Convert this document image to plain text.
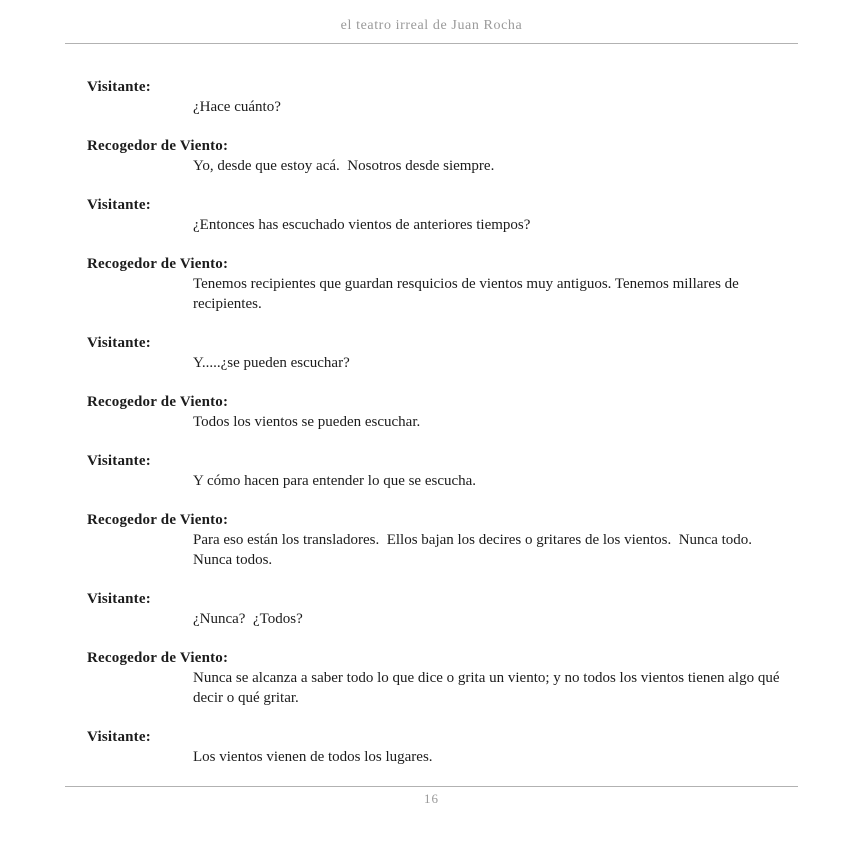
el teatro irreal de Juan Rocha
Visitante:
¿Hace cuánto?
Recogedor de Viento:
Yo, desde que estoy acá.  Nosotros desde siempre.
Visitante:
¿Entonces has escuchado vientos de anteriores tiempos?
Recogedor de Viento:
Tenemos recipientes que guardan resquicios de vientos muy antiguos. Tenemos millares de
recipientes.
Visitante:
Y.....¿se pueden escuchar?
Recogedor de Viento:
Todos los vientos se pueden escuchar.
Visitante:
Y cómo hacen para entender lo que se escucha.
Recogedor de Viento:
Para eso están los transladores.  Ellos bajan los decires o gritares de los vientos.  Nunca todo.
Nunca todos.
Visitante:
¿Nunca?  ¿Todos?
Recogedor de Viento:
Nunca se alcanza a saber todo lo que dice o grita un viento; y no todos los vientos tienen algo qué
decir o qué gritar.
Visitante:
Los vientos vienen de todos los lugares.
16
